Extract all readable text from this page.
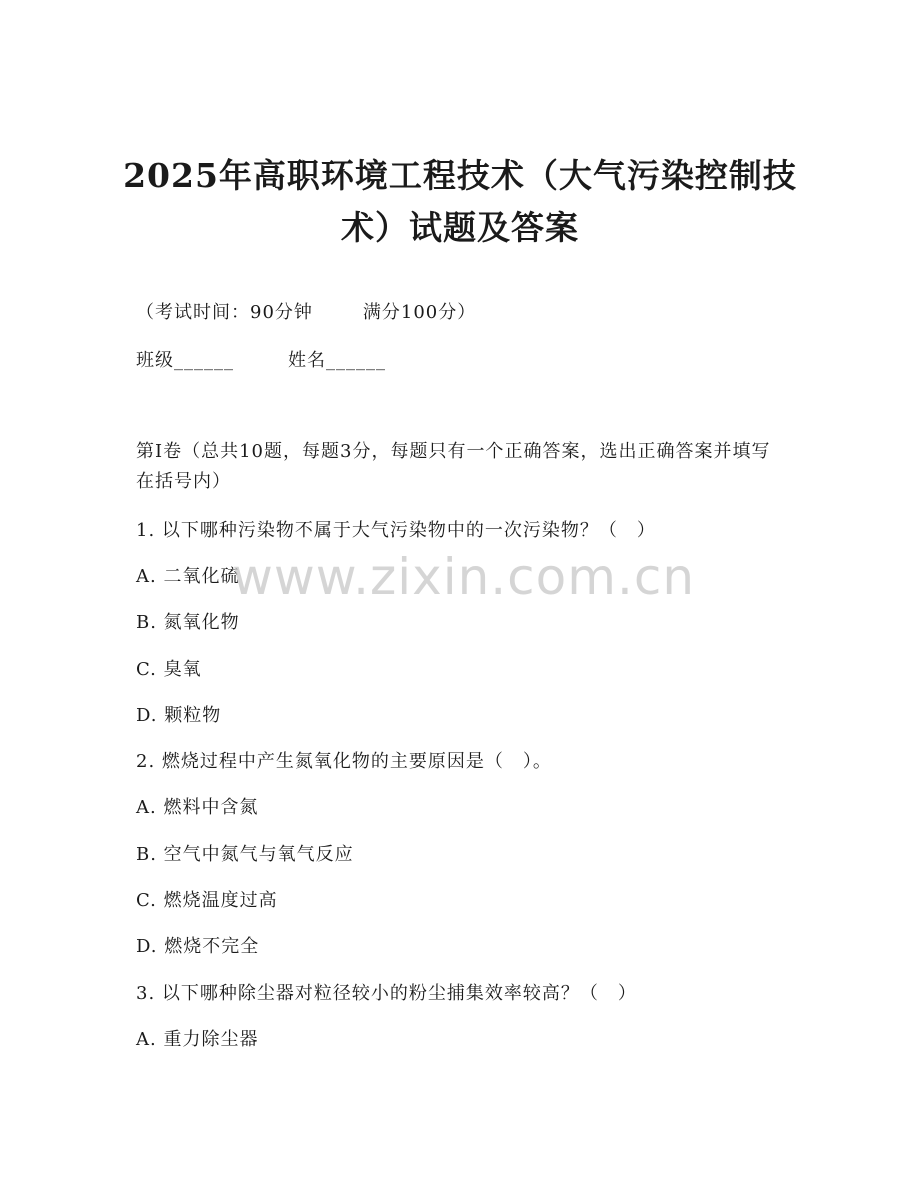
2025年高职环境工程技术（大气污染控制技术）试题及答案
（考试时间：90分钟	满分100分）
班级______	姓名______
第Ⅰ卷（总共10题，每题3分，每题只有一个正确答案，选出正确答案并填写在括号内）
1. 以下哪种污染物不属于大气污染物中的一次污染物？（　）
A. 二氧化硫
B. 氮氧化物
C. 臭氧
D. 颗粒物
2. 燃烧过程中产生氮氧化物的主要原因是（　）。
A. 燃料中含氮
B. 空气中氮气与氧气反应
C. 燃烧温度过高
D. 燃烧不完全
3. 以下哪种除尘器对粒径较小的粉尘捕集效率较高？（　）
A. 重力除尘器
www.zixin.com.cn
